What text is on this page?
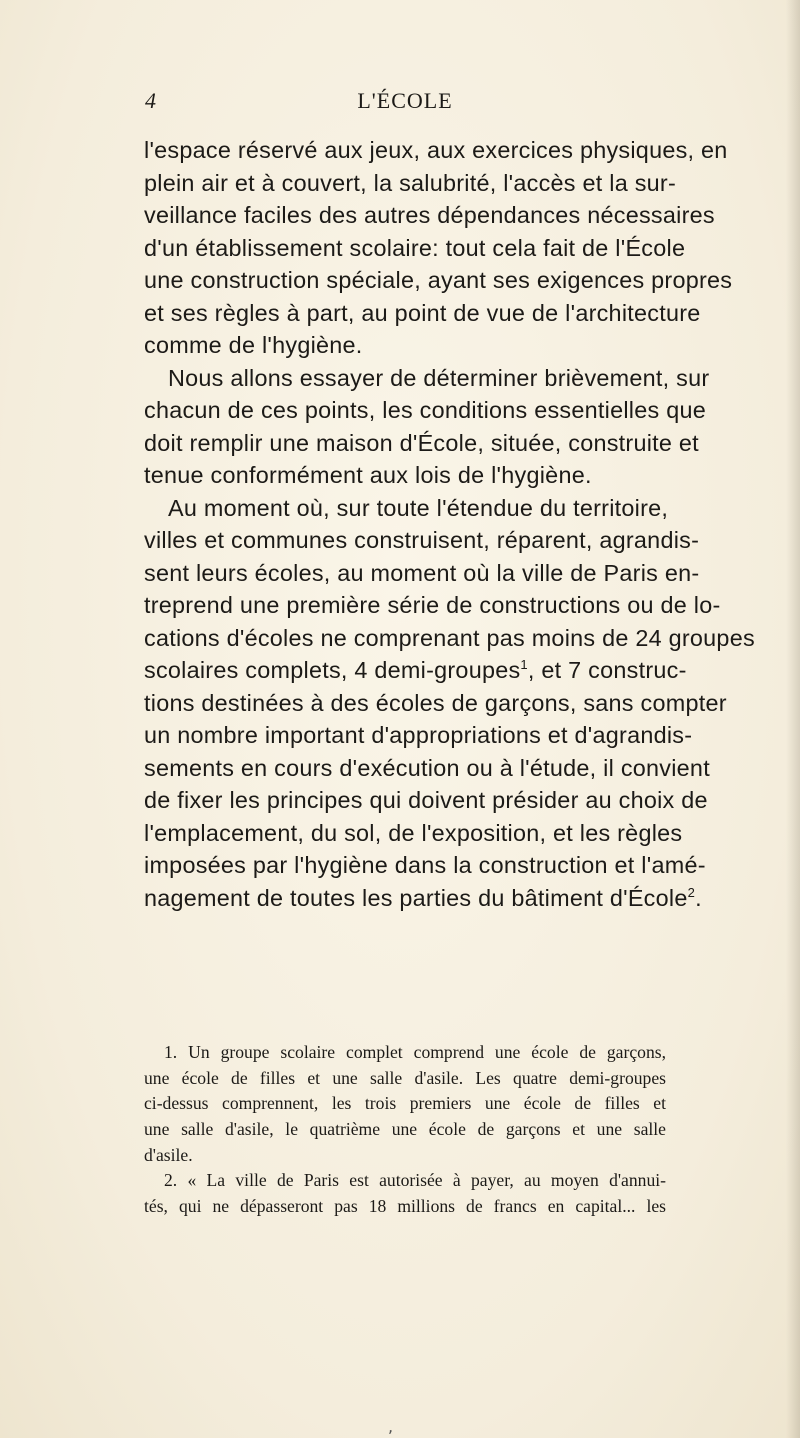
4	L'ÉCOLE
l'espace réservé aux jeux, aux exercices physiques, en
plein air et à couvert, la salubrité, l'accès et la sur-
veillance faciles des autres dépendances nécessaires
d'un établissement scolaire: tout cela fait de l'École
une construction spéciale, ayant ses exigences propres
et ses règles à part, au point de vue de l'architecture
comme de l'hygiène.
Nous allons essayer de déterminer brièvement, sur
chacun de ces points, les conditions essentielles que
doit remplir une maison d'École, située, construite et
tenue conformément aux lois de l'hygiène.
Au moment où, sur toute l'étendue du territoire,
villes et communes construisent, réparent, agrandis-
sent leurs écoles, au moment où la ville de Paris en-
treprend une première série de constructions ou de lo-
cations d'écoles ne comprenant pas moins de 24 groupes
scolaires complets, 4 demi-groupes$^1$, et 7 construc-
tions destinées à des écoles de garçons, sans compter
un nombre important d'appropriations et d'agrandis-
sements en cours d'exécution ou à l'étude, il convient
de fixer les principes qui doivent présider au choix de
l'emplacement, du sol, de l'exposition, et les règles
imposées par l'hygiène dans la construction et l'amé-
nagement de toutes les parties du bâtiment d'École$^2$.
1. Un groupe scolaire complet comprend une école de garçons,
une école de filles et une salle d'asile. Les quatre demi-groupes
ci-dessus comprennent, les trois premiers une école de filles et
une salle d'asile, le quatrième une école de garçons et une salle
d'asile.
2. « La ville de Paris est autorisée à payer, au moyen d'annui-
tés, qui ne dépasseront pas 18 millions de francs en capital... les
,
